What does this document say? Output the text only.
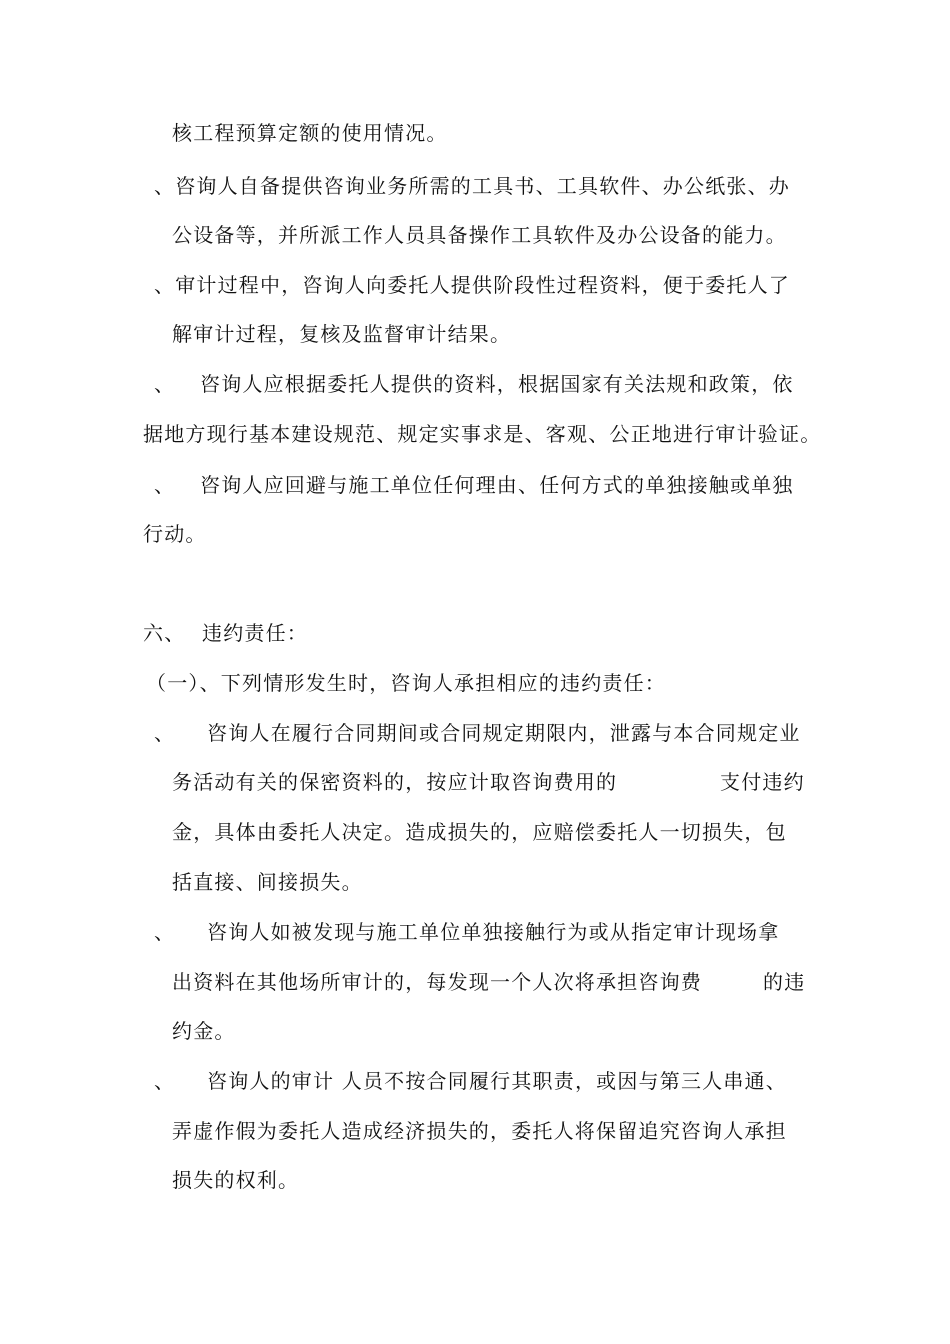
核工程预算定额的使用情况。
、咨询人自备提供咨询业务所需的工具书、工具软件、办公纸张、办
公设备等，并所派工作人员具备操作工具软件及办公设备的能力。
、审计过程中，咨询人向委托人提供阶段性过程资料，便于委托人了
解审计过程，复核及监督审计结果。
、 咨询人应根据委托人提供的资料，根据国家有关法规和政策，依
据地方现行基本建设规范、规定实事求是、客观、公正地进行审计验证。
、 咨询人应回避与施工单位任何理由、任何方式的单独接触或单独
行动。
六、 违约责任：
（一）、下列情形发生时，咨询人承担相应的违约责任：
、 咨询人在履行合同期间或合同规定期限内，泄露与本合同规定业
务活动有关的保密资料的，按应计取咨询费用的	支付违约
金，具体由委托人决定。造成损失的，应赔偿委托人一切损失，包
括直接、间接损失。
、 咨询人如被发现与施工单位单独接触行为或从指定审计现场拿
出资料在其他场所审计的，每发现一个人次将承担咨询费	的违
约金。
、 咨询人的审计 人员不按合同履行其职责，或因与第三人串通、
弄虚作假为委托人造成经济损失的，委托人将保留追究咨询人承担
损失的权利。
